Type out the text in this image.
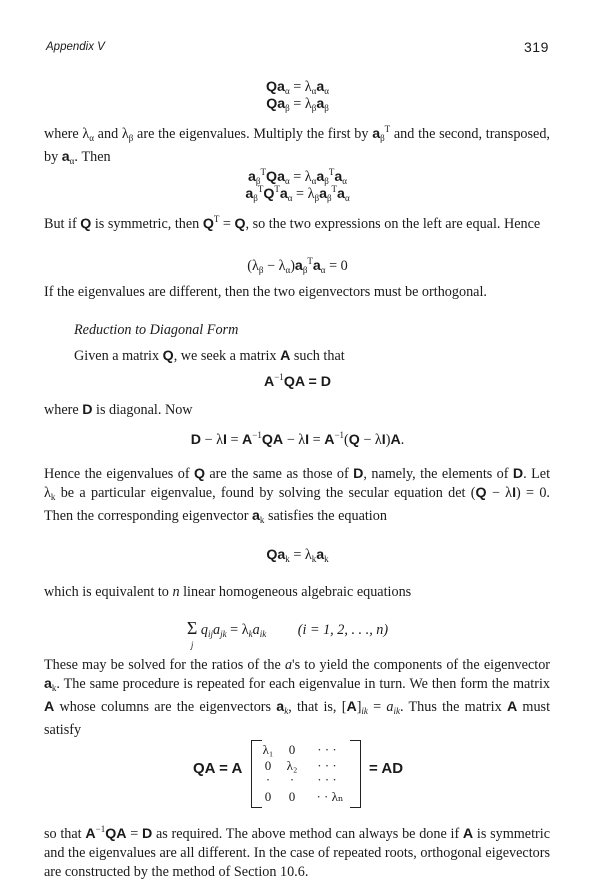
Appendix V	319
$Qa_\alpha = \lambda_\alpha a_\alpha$
$Qa_\beta = \lambda_\beta a_\beta$

where $\lambda_\alpha$ and $\lambda_\beta$ are the eigenvalues. Multiply the first by $a_\beta^T$ and the second, transposed, by $a_\alpha$. Then

$a_\beta^TQa_\alpha = \lambda_\alpha a_\beta^Ta_\alpha$
$a_\beta^TQ^Ta_\alpha = \lambda_\beta a_\beta^Ta_\alpha$

But if Q is symmetric, then $Q^T = Q$, so the two expressions on the left are equal. Hence

$(\lambda_\beta - \lambda_\alpha)a_\beta^Ta_\alpha = 0$

If the eigenvalues are different, then the two eigenvectors must be orthogonal.

Reduction to Diagonal Form

Given a matrix Q, we seek a matrix A such that

$A^{-1}QA = D$

where D is diagonal. Now

$D - \lambda I = A^{-1}QA - \lambda I = A^{-1}(Q - \lambda I)A$.

Hence the eigenvalues of Q are the same as those of D, namely, the elements of D. Let $\lambda_k$ be a particular eigenvalue, found by solving the secular equation det (Q − λI) = 0. Then the corresponding eigenvector $a_k$ satisfies the equation

$Qa_k = \lambda_ka_k$

which is equivalent to n linear homogeneous algebraic equations

Σ
j
$q_{ij}a_{jk} = \lambda_ka_{ik}$ (i = 1, 2, . . ., n)

These may be solved for the ratios of the a's to yield the components of the eigenvector $a_k$. The same procedure is repeated for each eigenvalue in turn. We then form the matrix A whose columns are the eigenvectors $a_k$, that is, $[A]_{ik} = a_{ik}$. Thus the matrix A must satisfy

QA = A
λ₁	0	· · ·
0	λ₂	· · ·
·	·	· · ·
0	0	· · λₙ
= AD

so that $A^{-1}QA = D$ as required. The above method can always be done if A is symmetric and the eigenvalues are all different. In the case of repeated roots, orthogonal eigevectors are constructed by the method of Section 10.6.
